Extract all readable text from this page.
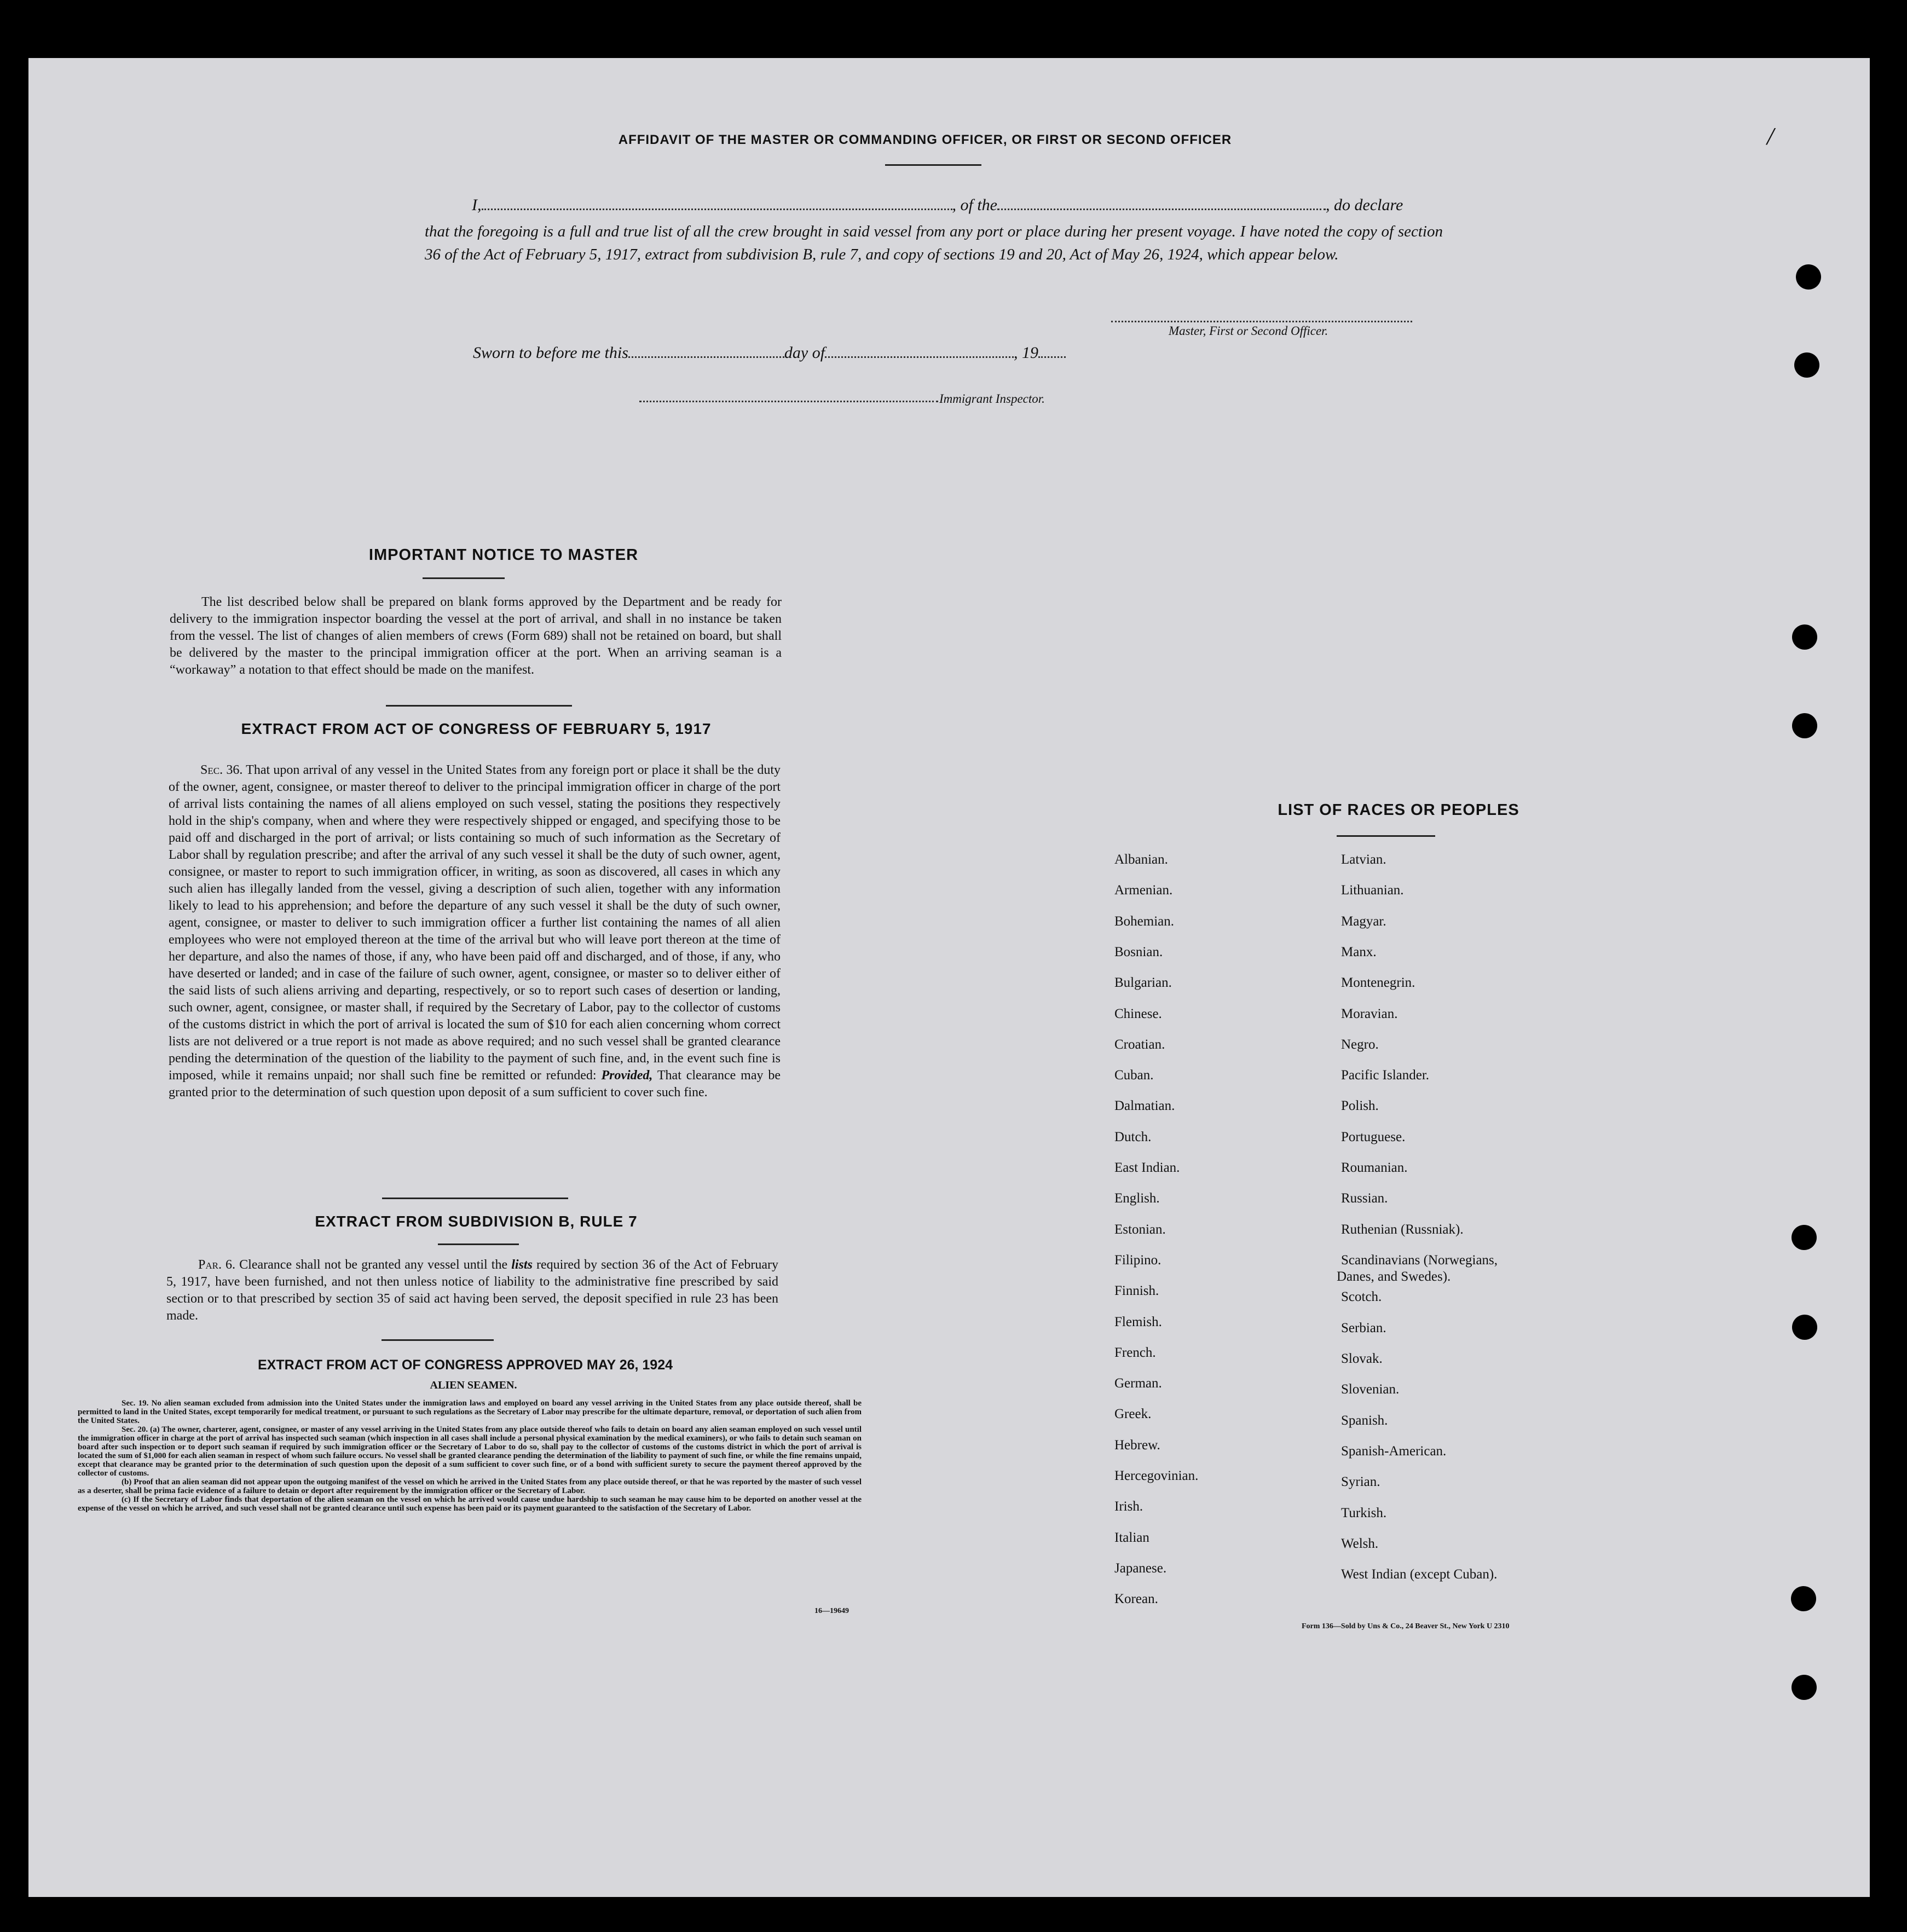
/
AFFIDAVIT OF THE MASTER OR COMMANDING OFFICER, OR FIRST OR SECOND OFFICER
I,	, of the	, do declare
that the foregoing is a full and true list of all the crew brought in said vessel from any port or place during her present voyage. I have noted the copy of section 36 of the Act of February 5, 1917, extract from subdivision B, rule 7, and copy of sections 19 and 20, Act of May 26, 1924, which appear below.
Master, First or Second Officer.
Sworn to before me this	day of	, 19
Immigrant Inspector.
IMPORTANT NOTICE TO MASTER
The list described below shall be prepared on blank forms approved by the Department and be ready for delivery to the immigration inspector boarding the vessel at the port of arrival, and shall in no instance be taken from the vessel. The list of changes of alien members of crews (Form 689) shall not be retained on board, but shall be delivered by the master to the principal immigration officer at the port. When an arriving seaman is a “workaway” a notation to that effect should be made on the manifest.
EXTRACT FROM ACT OF CONGRESS OF FEBRUARY 5, 1917
Sec. 36. That upon arrival of any vessel in the United States from any foreign port or place it shall be the duty of the owner, agent, consignee, or master thereof to deliver to the principal immigration officer in charge of the port of arrival lists containing the names of all aliens employed on such vessel, stating the positions they respectively hold in the ship's company, when and where they were respectively shipped or engaged, and specifying those to be paid off and discharged in the port of arrival; or lists containing so much of such information as the Secretary of Labor shall by regulation prescribe; and after the arrival of any such vessel it shall be the duty of such owner, agent, consignee, or master to report to such immigration officer, in writing, as soon as discovered, all cases in which any such alien has illegally landed from the vessel, giving a description of such alien, together with any information likely to lead to his apprehension; and before the departure of any such vessel it shall be the duty of such owner, agent, consignee, or master to deliver to such immigration officer a further list containing the names of all alien employees who were not employed thereon at the time of the arrival but who will leave port thereon at the time of her departure, and also the names of those, if any, who have been paid off and discharged, and of those, if any, who have deserted or landed; and in case of the failure of such owner, agent, consignee, or master so to deliver either of the said lists of such aliens arriving and departing, respectively, or so to report such cases of desertion or landing, such owner, agent, consignee, or master shall, if required by the Secretary of Labor, pay to the collector of customs of the customs district in which the port of arrival is located the sum of $10 for each alien concerning whom correct lists are not delivered or a true report is not made as above required; and no such vessel shall be granted clearance pending the determination of the question of the liability to the payment of such fine, and, in the event such fine is imposed, while it remains unpaid; nor shall such fine be remitted or refunded: Provided, That clearance may be granted prior to the determination of such question upon deposit of a sum sufficient to cover such fine.
EXTRACT FROM SUBDIVISION B, RULE 7
Par. 6. Clearance shall not be granted any vessel until the lists required by section 36 of the Act of February 5, 1917, have been furnished, and not then unless notice of liability to the administrative fine prescribed by said section or to that prescribed by section 35 of said act having been served, the deposit specified in rule 23 has been made.
EXTRACT FROM ACT OF CONGRESS APPROVED MAY 26, 1924
ALIEN SEAMEN.
Sec. 19. No alien seaman excluded from admission into the United States under the immigration laws and employed on board any vessel arriving in the United States from any place outside thereof, shall be permitted to land in the United States, except temporarily for medical treatment, or pursuant to such regulations as the Secretary of Labor may prescribe for the ultimate departure, removal, or deportation of such alien from the United States.
Sec. 20. (a) The owner, charterer, agent, consignee, or master of any vessel arriving in the United States from any place outside thereof who fails to detain on board any alien seaman employed on such vessel until the immigration officer in charge at the port of arrival has inspected such seaman (which inspection in all cases shall include a personal physical examination by the medical examiners), or who fails to detain such seaman on board after such inspection or to deport such seaman if required by such immigration officer or the Secretary of Labor to do so, shall pay to the collector of customs of the customs district in which the port of arrival is located the sum of $1,000 for each alien seaman in respect of whom such failure occurs. No vessel shall be granted clearance pending the determination of the liability to payment of such fine, or while the fine remains unpaid, except that clearance may be granted prior to the determination of such question upon the deposit of a sum sufficient to cover such fine, or of a bond with sufficient surety to secure the payment thereof approved by the collector of customs.
(b) Proof that an alien seaman did not appear upon the outgoing manifest of the vessel on which he arrived in the United States from any place outside thereof, or that he was reported by the master of such vessel as a deserter, shall be prima facie evidence of a failure to detain or deport after requirement by the immigration officer or the Secretary of Labor.
(c) If the Secretary of Labor finds that deportation of the alien seaman on the vessel on which he arrived would cause undue hardship to such seaman he may cause him to be deported on another vessel at the expense of the vessel on which he arrived, and such vessel shall not be granted clearance until such expense has been paid or its payment guaranteed to the satisfaction of the Secretary of Labor.
16—19649
LIST OF RACES OR PEOPLES
Albanian.
Armenian.
Bohemian.
Bosnian.
Bulgarian.
Chinese.
Croatian.
Cuban.
Dalmatian.
Dutch.
East Indian.
English.
Estonian.
Filipino.
Finnish.
Flemish.
French.
German.
Greek.
Hebrew.
Hercegovinian.
Irish.
Italian
Japanese.
Korean.
Latvian.
Lithuanian.
Magyar.
Manx.
Montenegrin.
Moravian.
Negro.
Pacific Islander.
Polish.
Portuguese.
Roumanian.
Russian.
Ruthenian (Russniak).
Scandinavians (Norwegians,
Danes, and Swedes).
Scotch.
Serbian.
Slovak.
Slovenian.
Spanish.
Spanish-American.
Syrian.
Turkish.
Welsh.
West Indian (except Cuban).
Form 136—Sold by Uns & Co., 24 Beaver St., New York U 2310
